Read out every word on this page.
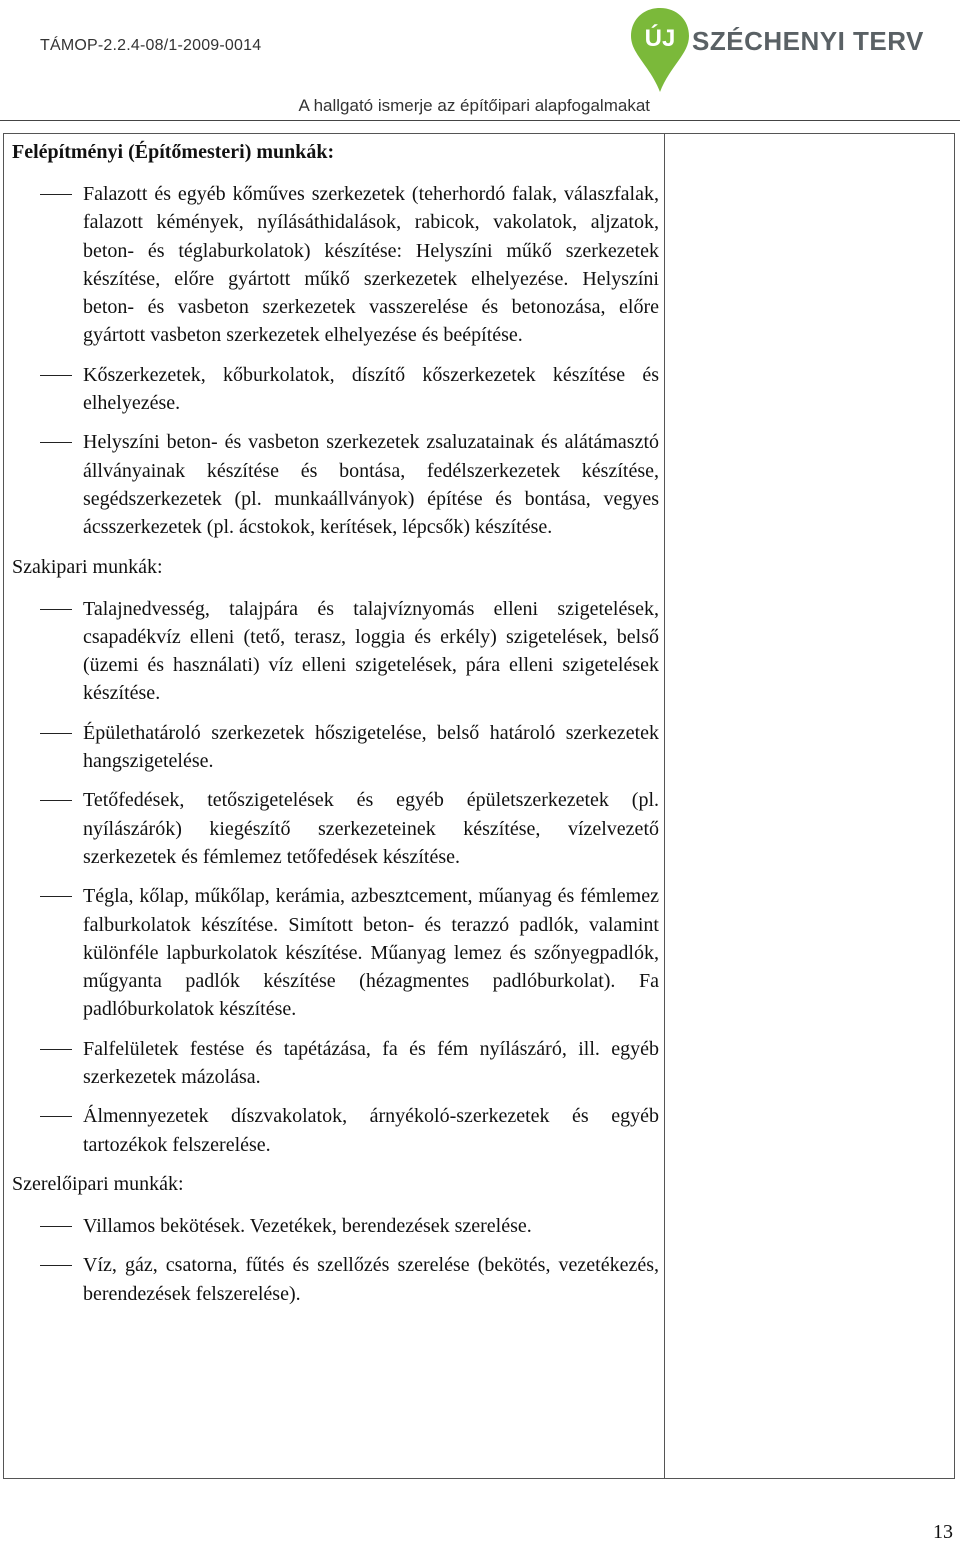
TÁMOP-2.2.4-08/1-2009-0014	ÚJ SZÉCHENYI TERV
A hallgató ismerje az építőipari alapfogalmakat
Felépítményi (Építőmesteri) munkák:
Falazott és egyéb kőműves szerkezetek (teherhordó falak, válaszfalak, falazott kémények, nyílásáthidalások, rabicok, vakolatok, aljzatok, beton- és téglaburkolatok) készítése: Helyszíni műkő szerkezetek készítése, előre gyártott műkő szerkezetek elhelyezése. Helyszíni beton- és vasbeton szerkezetek vasszerelése és betonozása, előre gyártott vasbeton szerkezetek elhelyezése és beépítése.
Kőszerkezetek, kőburkolatok, díszítő kőszerkezetek készítése és elhelyezése.
Helyszíni beton- és vasbeton szerkezetek zsaluzatainak és alátámasztó állványainak készítése és bontása, fedélszerkezetek készítése, segédszerkezetek (pl. munkaállványok) építése és bontása, vegyes ácsszerkezetek (pl. ácstokok, kerítések, lépcsők) készítése.
Szakipari munkák:
Talajnedvesség, talajpára és talajvíznyomás elleni szigetelések, csapadékvíz elleni (tető, terasz, loggia és erkély) szigetelések, belső (üzemi és használati) víz elleni szigetelések, pára elleni szigetelések készítése.
Épülethatároló szerkezetek hőszigetelése, belső határoló szerkezetek hangszigetelése.
Tetőfedések, tetőszigetelések és egyéb épületszerkezetek (pl. nyílászárók) kiegészítő szerkezeteinek készítése, vízelvezető szerkezetek és fémlemez tetőfedések készítése.
Tégla, kőlap, műkőlap, kerámia, azbesztcement, műanyag és fémlemez falburkolatok készítése. Simított beton- és terazzó padlók, valamint különféle lapburkolatok készítése. Műanyag lemez és szőnyegpadlók, műgyanta padlók készítése (hézagmentes padlóburkolat). Fa padlóburkolatok készítése.
Falfelületek festése és tapétázása, fa és fém nyílászáró, ill. egyéb szerkezetek mázolása.
Álmennyezetek díszvakolatok, árnyékoló-szerkezetek és egyéb tartozékok felszerelése.
Szerelőipari munkák:
Villamos bekötések. Vezetékek, berendezések szerelése.
Víz, gáz, csatorna, fűtés és szellőzés szerelése (bekötés, vezetékezés, berendezések felszerelése).
13
